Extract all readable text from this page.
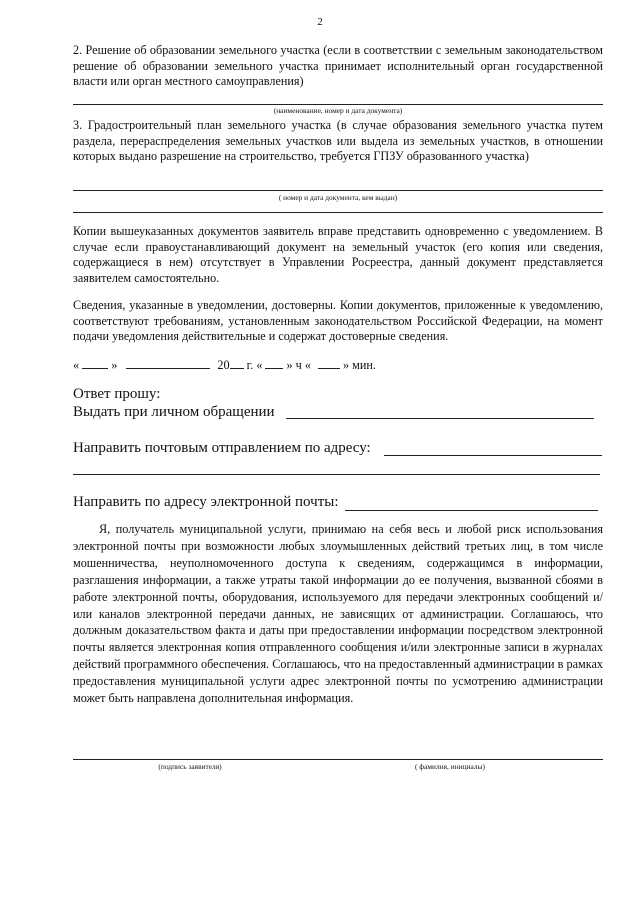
2
2. Решение об образовании земельного участка (если в соответствии с земельным законодательством решение об образовании земельного участка принимает исполнительный орган государственной власти или орган местного самоуправления)
(наименование, номер и дата документа)
3. Градостроительный план земельного участка (в случае образования земельного участка путем раздела, перераспределения земельных участков или выдела из земельных участков, в отношении которых выдано разрешение на строительство, требуется ГПЗУ образованного участка)
( номер и дата документа, кем выдан)
Копии вышеуказанных документов заявитель вправе представить одновременно с уведомлением. В случае если правоустанавливающий документ на земельный участок (его копия или сведения, содержащиеся в нем) отсутствует в Управлении Росреестра, данный документ представляется заявителем самостоятельно.
Сведения, указанные в уведомлении, достоверны. Копии документов, приложенные к уведомлению, соответствуют требованиям, установленным законодательством Российской Федерации, на момент подачи уведомления действительные и содержат достоверные сведения.
«	»	20 г. « » ч «	» мин.
Ответ прошу:
Выдать при личном обращении
Направить почтовым отправлением по адресу:
Направить по адресу электронной почты:
Я, получатель муниципальной услуги, принимаю на себя весь и любой риск использования электронной почты при возможности любых злоумышленных действий третьих лиц, в том числе мошенничества, неуполномоченного доступа к сведениям, содержащимся в информации, разглашения информации, а также утраты такой информации до ее получения, вызванной сбоями в работе электронной почты, оборудования, используемого для передачи электронных сообщений и/или каналов электронной передачи данных, не зависящих от администрации. Соглашаюсь, что должным доказательством факта и даты при предоставлении информации посредством электронной почты является электронная копия отправленного сообщения и/или электронные записи в журналах действий программного обеспечения. Соглашаюсь, что на предоставленный администрации в рамках предоставления муниципальной услуги адрес электронной почты по усмотрению администрации может быть направлена дополнительная информация.
(подпись заявителя)	( фамилия, инициалы)
